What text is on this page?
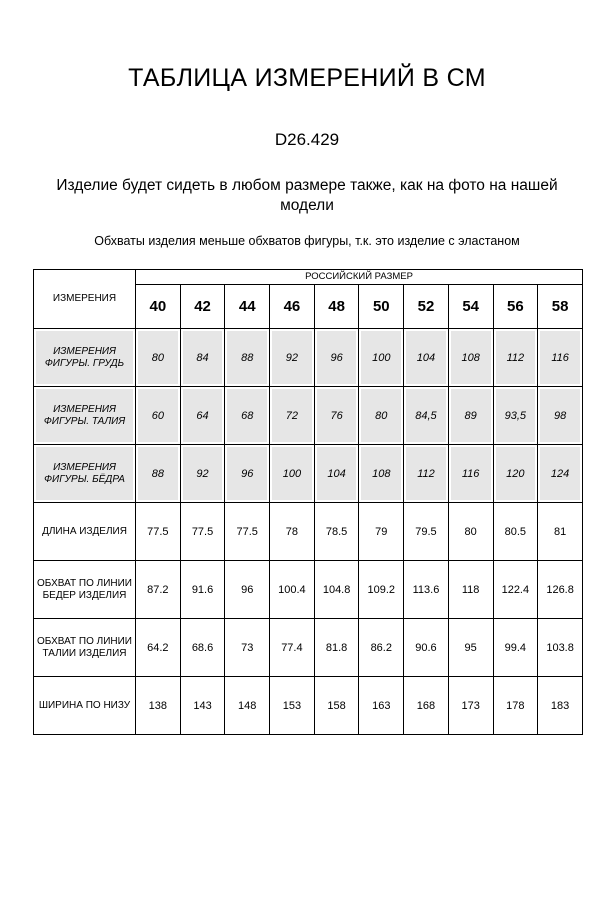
ТАБЛИЦА ИЗМЕРЕНИЙ В СМ
D26.429
Изделие будет сидеть в любом размере также, как на фото на нашей модели
Обхваты изделия меньше обхватов фигуры, т.к. это изделие с эластаном
ИЗМЕРЕНИЯ	РОССИЙСКИЙ РАЗМЕР									
	40	42	44	46	48	50	52	54	56	58
ИЗМЕРЕНИЯ ФИГУРЫ. ГРУДЬ	80	84	88	92	96	100	104	108	112	116
ИЗМЕРЕНИЯ ФИГУРЫ. ТАЛИЯ	60	64	68	72	76	80	84,5	89	93,5	98
ИЗМЕРЕНИЯ ФИГУРЫ. БЁДРА	88	92	96	100	104	108	112	116	120	124
ДЛИНА ИЗДЕЛИЯ	77.5	77.5	77.5	78	78.5	79	79.5	80	80.5	81
ОБХВАТ ПО ЛИНИИ БЕДЕР ИЗДЕЛИЯ	87.2	91.6	96	100.4	104.8	109.2	113.6	118	122.4	126.8
ОБХВАТ ПО ЛИНИИ ТАЛИИ ИЗДЕЛИЯ	64.2	68.6	73	77.4	81.8	86.2	90.6	95	99.4	103.8
ШИРИНА ПО НИЗУ	138	143	148	153	158	163	168	173	178	183
